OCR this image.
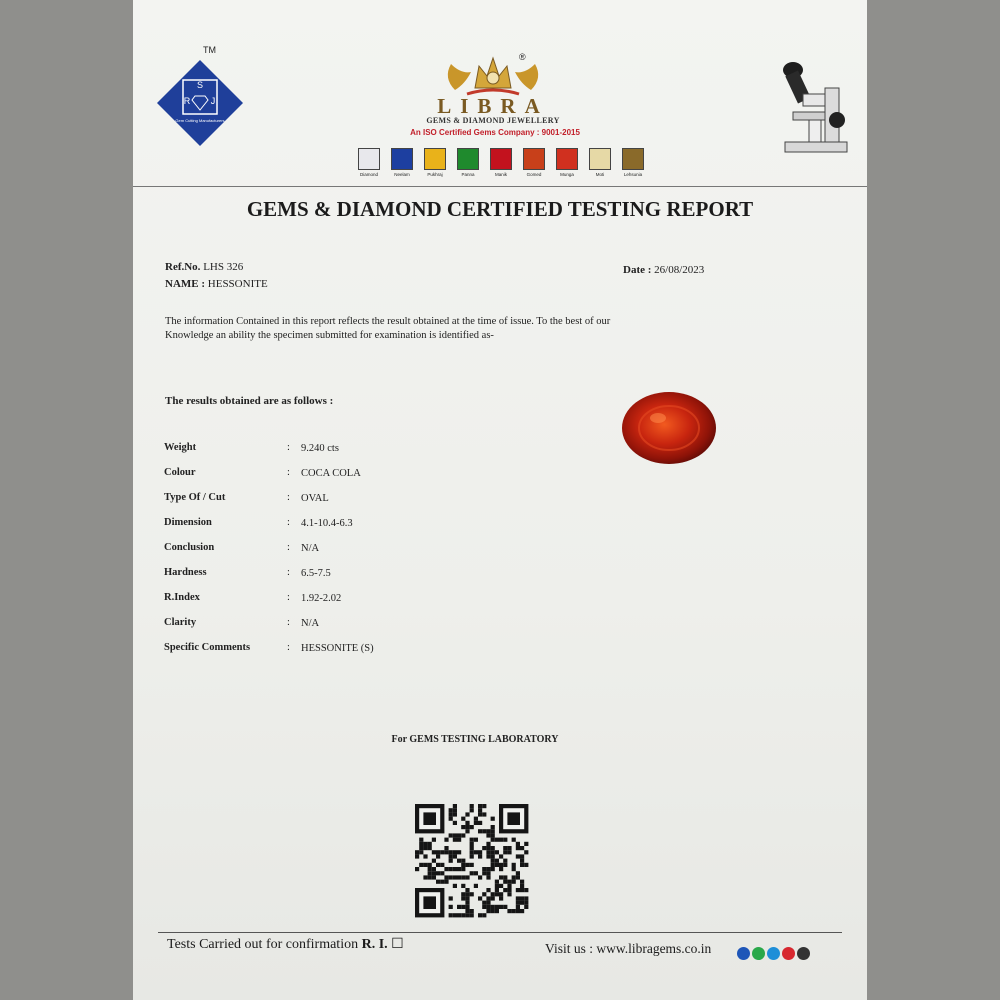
S
R J
Gem Cutting Manufacturers
TM
®
LIBRA
GEMS & DIAMOND JEWELLERY
An ISO Certified Gems Company : 9001-2015
Diamond	Neelam	Pukhraj	Panna	Manik	Gomed	Munga	Moti	Lehsunia
GEMS & DIAMOND CERTIFIED TESTING REPORT
Ref.No. LHS 326
NAME : HESSONITE
Date : 26/08/2023
The information Contained in this report reflects the result obtained at the time of issue. To the best of our
Knowledge an ability the specimen submitted for examination is identified as-
The results obtained are as follows :
Weight	: 9.240 cts
Colour	: COCA COLA
Type Of / Cut	: OVAL
Dimension	: 4.1-10.4-6.3
Conclusion	: N/A
Hardness	: 6.5-7.5
R.Index	: 1.92-2.02
Clarity	: N/A
Specific Comments	: HESSONITE (S)
For GEMS TESTING LABORATORY
Tests Carried out for confirmation R. I. ☐	Visit us : www.libragems.co.in
